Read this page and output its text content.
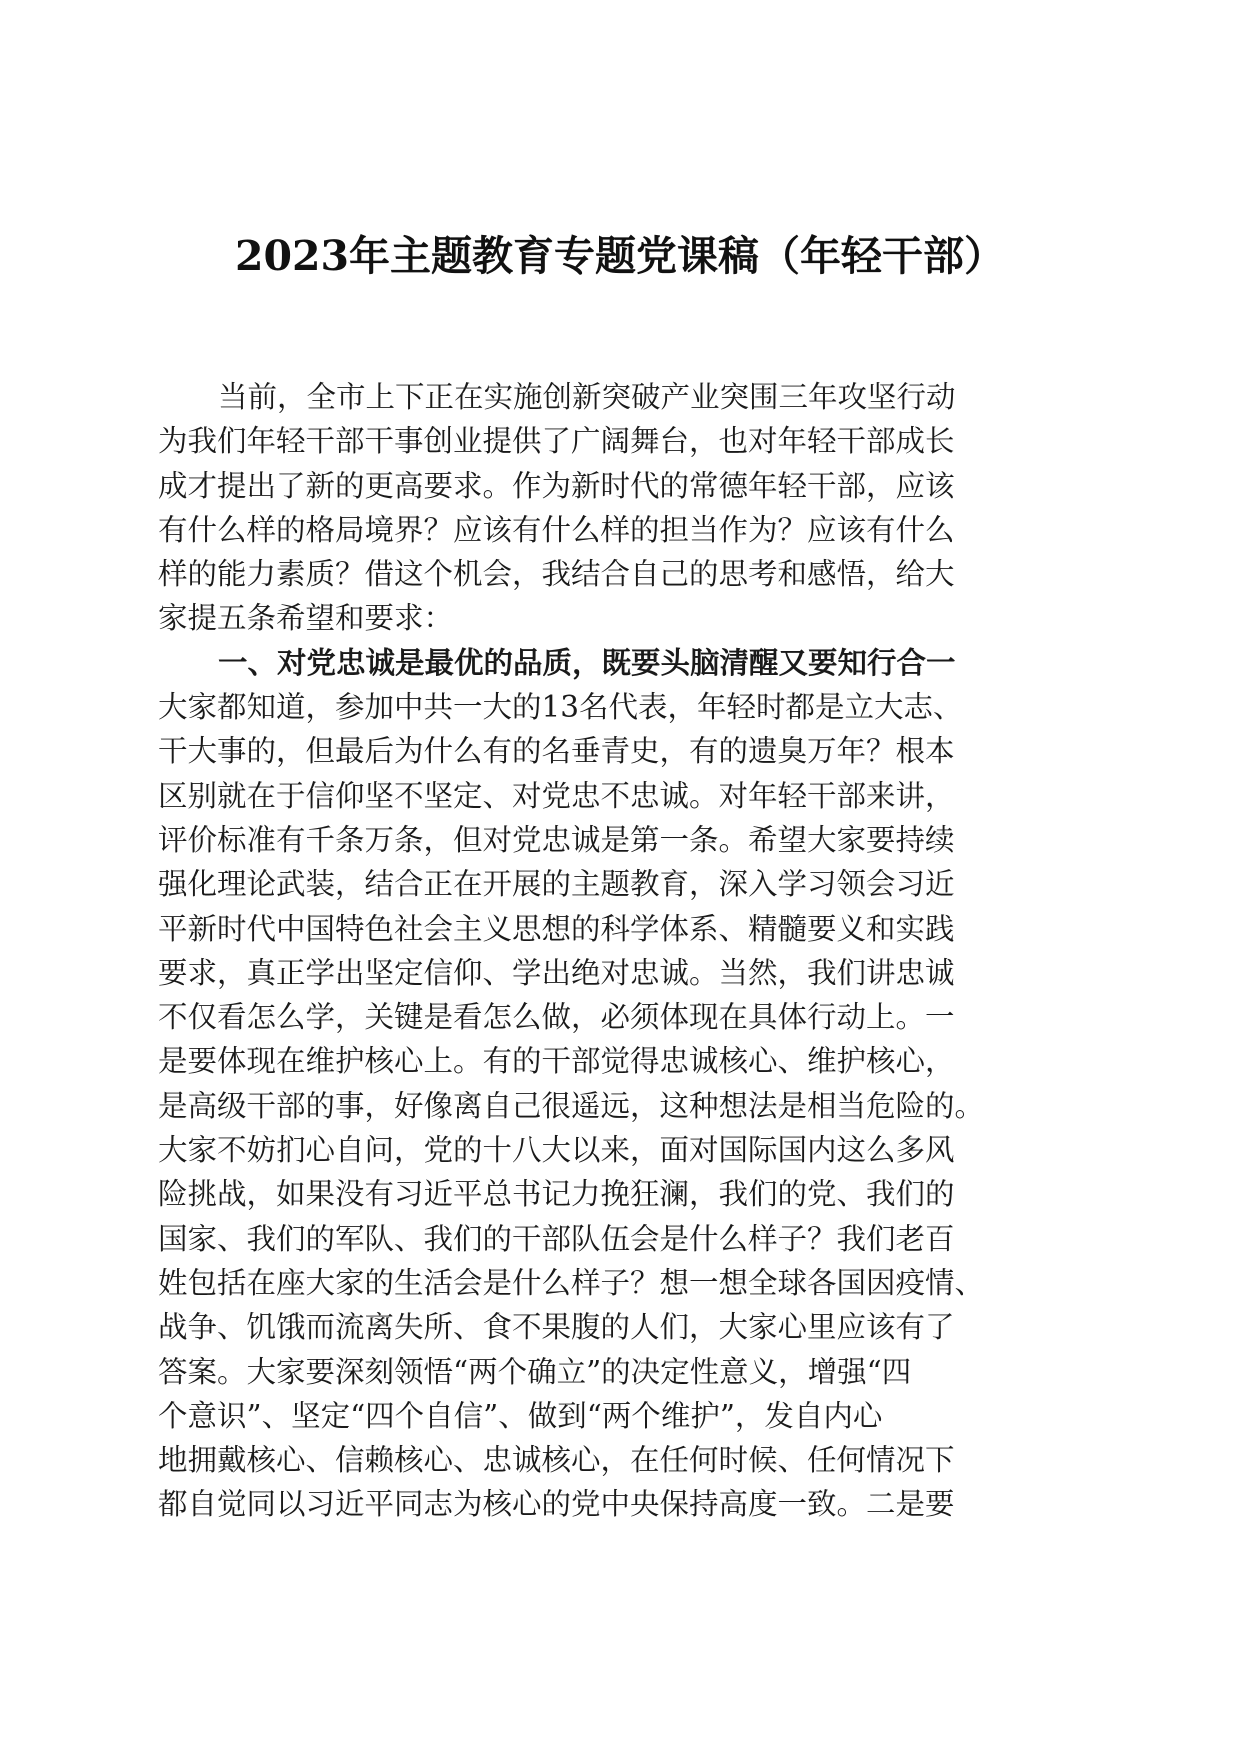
2023年主题教育专题党课稿（年轻干部）

当前，全市上下正在实施创新突破产业突围三年攻坚行动

为我们年轻干部干事创业提供了广阔舞台，也对年轻干部成长

成才提出了新的更高要求。作为新时代的常德年轻干部，应该

有什么样的格局境界？应该有什么样的担当作为？应该有什么

样的能力素质？借这个机会，我结合自己的思考和感悟，给大

家提五条希望和要求：

一、对党忠诚是最优的品质，既要头脑清醒又要知行合一

大家都知道，参加中共一大的13名代表，年轻时都是立大志、

干大事的，但最后为什么有的名垂青史，有的遗臭万年？根本

区别就在于信仰坚不坚定、对党忠不忠诚。对年轻干部来讲，

评价标准有千条万条，但对党忠诚是第一条。希望大家要持续

强化理论武装，结合正在开展的主题教育，深入学习领会习近

平新时代中国特色社会主义思想的科学体系、精髓要义和实践

要求，真正学出坚定信仰、学出绝对忠诚。当然，我们讲忠诚

不仅看怎么学，关键是看怎么做，必须体现在具体行动上。一

是要体现在维护核心上。有的干部觉得忠诚核心、维护核心，

是高级干部的事，好像离自己很遥远，这种想法是相当危险的。

大家不妨扪心自问，党的十八大以来，面对国际国内这么多风

险挑战，如果没有习近平总书记力挽狂澜，我们的党、我们的

国家、我们的军队、我们的干部队伍会是什么样子？我们老百

姓包括在座大家的生活会是什么样子？想一想全球各国因疫情、

战争、饥饿而流离失所、食不果腹的人们，大家心里应该有了

答案。大家要深刻领悟“两个确立”的决定性意义，增强“四

个意识”、坚定“四个自信”、做到“两个维护”，发自内心

地拥戴核心、信赖核心、忠诚核心，在任何时候、任何情况下

都自觉同以习近平同志为核心的党中央保持高度一致。二是要
